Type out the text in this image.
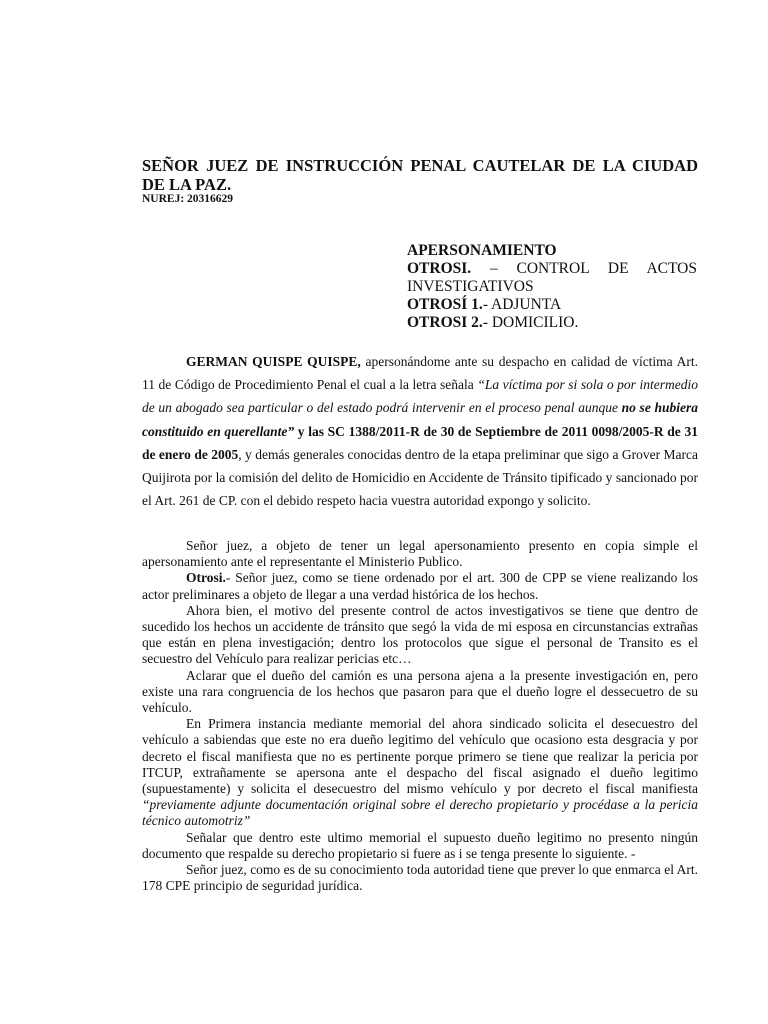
SEÑOR JUEZ DE INSTRUCCIÓN PENAL CAUTELAR DE LA CIUDAD DE LA PAZ.
NUREJ: 20316629
APERSONAMIENTO
OTROSI. – CONTROL DE ACTOS INVESTIGATIVOS
OTROSÍ 1.- ADJUNTA
OTROSI 2.- DOMICILIO.
GERMAN QUISPE QUISPE, apersonándome ante su despacho en calidad de víctima Art. 11 de Código de Procedimiento Penal el cual a la letra señala “La víctima por si sola o por intermedio de un abogado sea particular o del estado podrá intervenir en el proceso penal aunque no se hubiera constituido en querellante” y las SC 1388/2011-R de 30 de Septiembre de 2011 0098/2005-R de 31 de enero de 2005, y demás generales conocidas dentro de la etapa preliminar que sigo a Grover Marca Quijirota por la comisión del delito de Homicidio en Accidente de Tránsito tipificado y sancionado por el Art. 261 de CP. con el debido respeto hacia vuestra autoridad expongo y solicito.

Señor juez, a objeto de tener un legal apersonamiento presento en copia simple el apersonamiento ante el representante el Ministerio Publico.

Otrosi.- Señor juez, como se tiene ordenado por el art. 300 de CPP se viene realizando los actor preliminares a objeto de llegar a una verdad histórica de los hechos.

Ahora bien, el motivo del presente control de actos investigativos se tiene que dentro de sucedido los hechos un accidente de tránsito que segó la vida de mi esposa en circunstancias extrañas que están en plena investigación; dentro los protocolos que sigue el personal de Transito es el secuestro del Vehículo para realizar pericias etc…

Aclarar que el dueño del camión es una persona ajena a la presente investigación en, pero existe una rara congruencia de los hechos que pasaron para que el dueño logre el dessecuetro de su vehículo.

En Primera instancia mediante memorial del ahora sindicado solicita el desecuestro del vehículo a sabiendas que este no era dueño legitimo del vehículo que ocasiono esta desgracia y por decreto el fiscal manifiesta que no es pertinente porque primero se tiene que realizar la pericia por ITCUP, extrañamente se apersona ante el despacho del fiscal asignado el dueño legitimo (supuestamente) y solicita el desecuestro del mismo vehículo y por decreto el fiscal manifiesta “previamente adjunte documentación original sobre el derecho propietario y procédase a la pericia técnico automotriz”

Señalar que dentro este ultimo memorial el supuesto dueño legitimo no presento ningún documento que respalde su derecho propietario si fuere as i se tenga presente lo siguiente. -

Señor juez, como es de su conocimiento toda autoridad tiene que prever lo que enmarca el Art. 178 CPE principio de seguridad jurídica.
